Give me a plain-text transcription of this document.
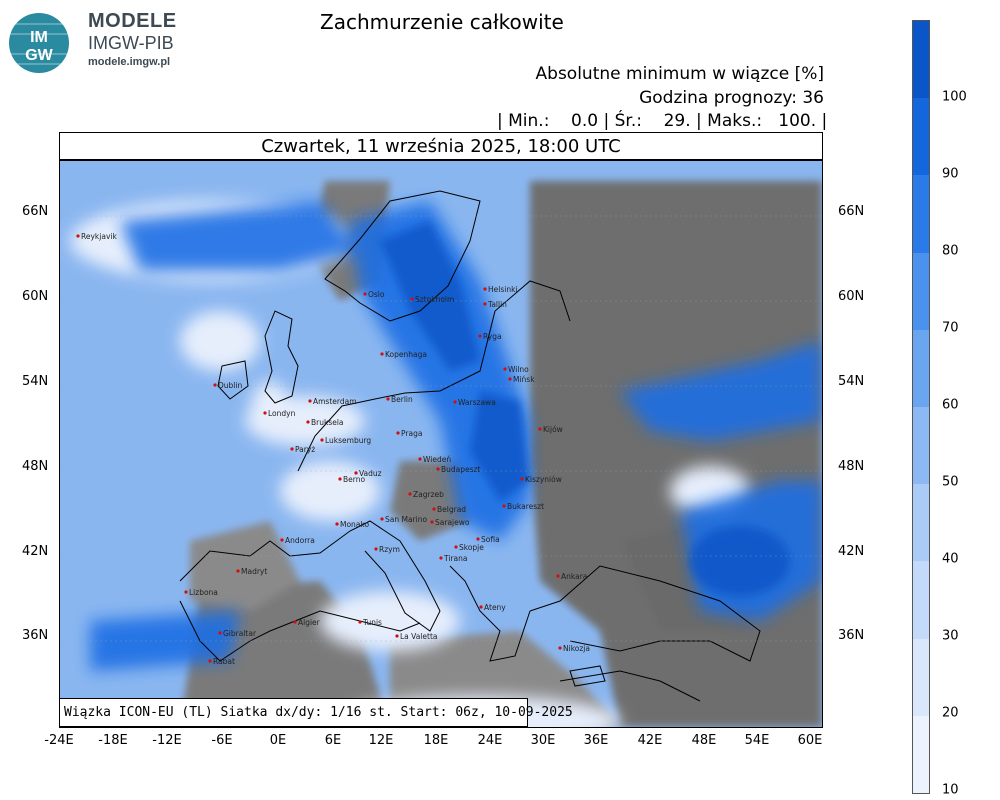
IM
GW
MODELE
IMGW-PIB
modele.imgw.pl
Zachmurzenie całkowite
Absolutne minimum w wiązce [%]
Godzina prognozy: 36
| Min.:    0.0 | Śr.:    29. | Maks.:   100. |
Czwartek, 11 września 2025, 18:00 UTC
Reykjavik
Oslo
Sztokholm
Helsinki
Tallin
Ryga
Kopenhaga
Wilno
Mińsk
Dublin
Amsterdam	Berlin	Warszawa
Londyn
Bruksela
Luksemburg
Praga	Kijów
Paryż
Wiedeń
Berno
Vaduz	Budapeszt
Kiszyniów
Zagrzeb
Belgrad	Bukareszt
Monako
San Marino Sarajewo
Andorra
Rzym
Sofia
Skopje
Tirana
Madryt
Ankara
Lizbona
Ateny
Algier	Tunis
Gibraltar	La Valetta
Nikozja
Rabat
Wiązka ICON-EU (TL) Siatka dx/dy: 1/16 st. Start: 06z, 10-09-2025
66N
60N
54N
48N
42N
36N
66N
60N
54N
48N
42N
36N
-24E -18E -12E -6E	0E	6E 12E 18E 24E 30E 36E 42E 48E 54E 60E
100
90
80
70
60
50
40
30
20
10
